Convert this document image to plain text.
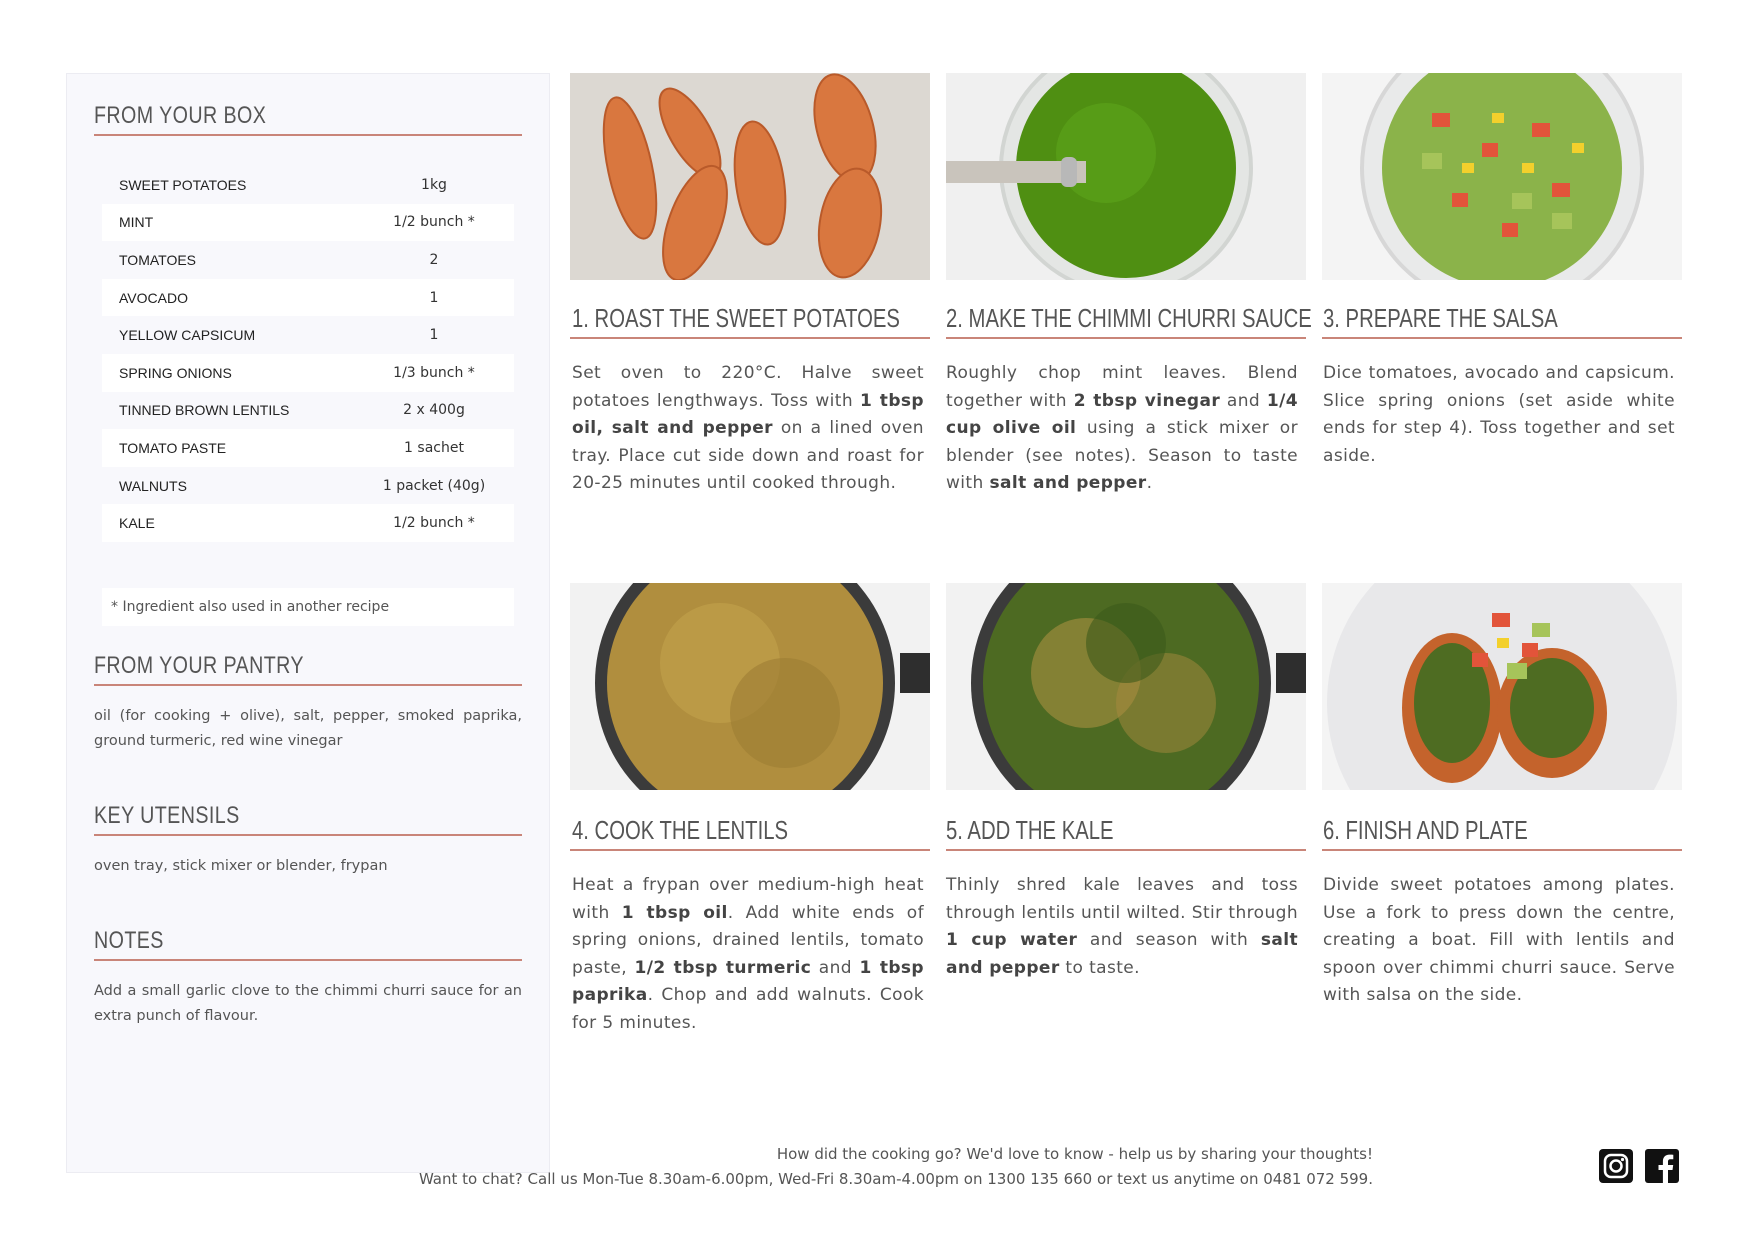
FROM YOUR BOX
SWEET POTATOES	1kg
MINT	1/2 bunch *
TOMATOES	2
AVOCADO	1
YELLOW CAPSICUM	1
SPRING ONIONS	1/3 bunch *
TINNED BROWN LENTILS	2 x 400g
TOMATO PASTE	1 sachet
WALNUTS	1 packet (40g)
KALE	1/2 bunch *
* Ingredient also used in another recipe
FROM YOUR PANTRY
oil (for cooking + olive), salt, pepper, smoked paprika, ground turmeric, red wine vinegar
KEY UTENSILS
oven tray, stick mixer or blender, frypan
NOTES
Add a small garlic clove to the chimmi churri sauce for an extra punch of flavour.
1. ROAST THE SWEET POTATOES
Set oven to 220°C. Halve sweet potatoes lengthways. Toss with 1 tbsp oil, salt and pepper on a lined oven tray. Place cut side down and roast for 20-25 minutes until cooked through.
2. MAKE THE CHIMMI CHURRI SAUCE
Roughly chop mint leaves. Blend together with 2 tbsp vinegar and 1/4 cup olive oil using a stick mixer or blender (see notes). Season to taste with salt and pepper.
3. PREPARE THE SALSA
Dice tomatoes, avocado and capsicum. Slice spring onions (set aside white ends for step 4). Toss together and set aside.
4. COOK THE LENTILS
Heat a frypan over medium-high heat with 1 tbsp oil. Add white ends of spring onions, drained lentils, tomato paste, 1/2 tbsp turmeric and 1 tbsp paprika. Chop and add walnuts. Cook for 5 minutes.
5. ADD THE KALE
Thinly shred kale leaves and toss through lentils until wilted. Stir through 1 cup water and season with salt and pepper to taste.
6. FINISH AND PLATE
Divide sweet potatoes among plates. Use a fork to press down the centre, creating a boat. Fill with lentils and spoon over chimmi churri sauce. Serve with salsa on the side.
How did the cooking go? We'd love to know - help us by sharing your thoughts!
Want to chat? Call us Mon-Tue 8.30am-6.00pm, Wed-Fri 8.30am-4.00pm on 1300 135 660 or text us anytime on 0481 072 599.
